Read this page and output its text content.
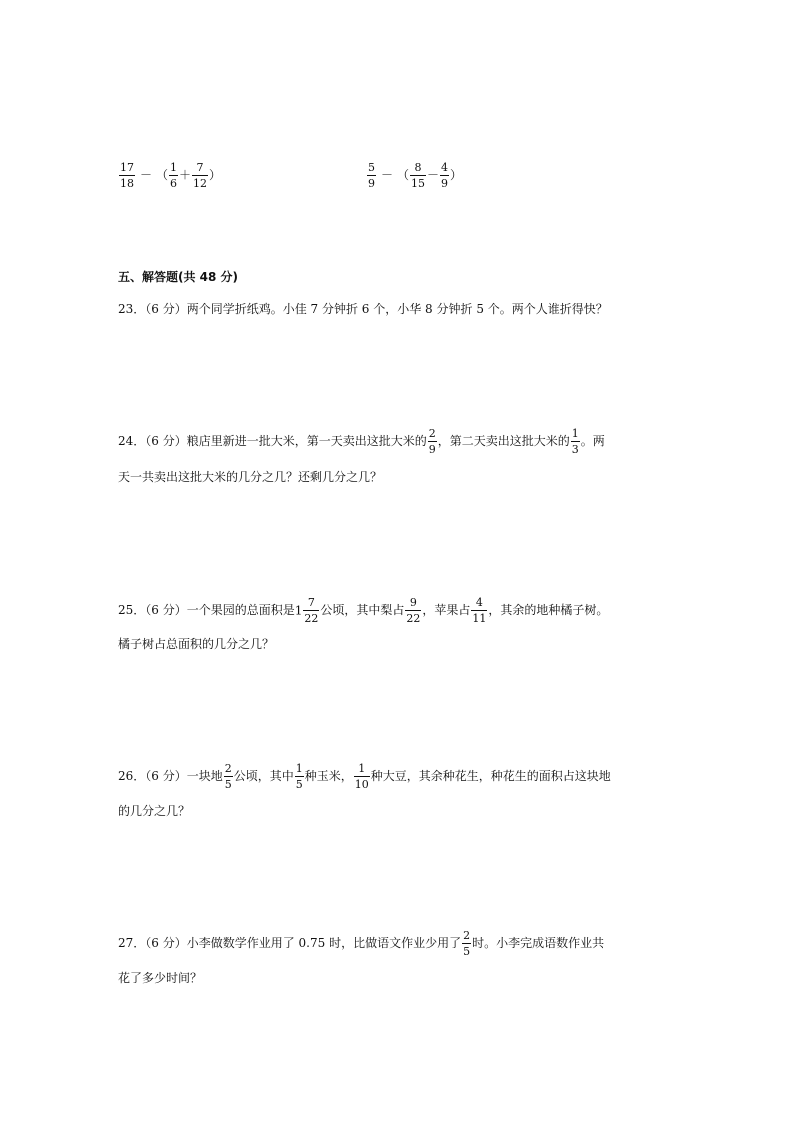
$\frac{17}{18}$ － （ $\frac{1}{6} + \frac{7}{12}$ ）	$\frac{5}{9}$ － （ $\frac{8}{15} - \frac{4}{9}$ ）
五、解答题(共 48 分)
23．（6 分）两个同学折纸鸡。小佳 7 分钟折 6 个，小华 8 分钟折 5 个。两个人谁折得快？
24．（6 分）粮店里新进一批大米，第一天卖出这批大米的 $\frac{2}{9}$ ，第二天卖出这批大米的 $\frac{1}{3}$ 。两
天一共卖出这批大米的几分之几？还剩几分之几？
25．（6 分）一个果园的总面积是$1 \frac{7}{22}$ 公顷，其中梨占 $\frac{9}{22}$ ，苹果占 $\frac{4}{11}$ ，其余的地种橘子树。
橘子树占总面积的几分之几？
26．（6 分）一块地 $\frac{2}{5}$ 公顷，其中 $\frac{1}{5}$ 种玉米， $\frac{1}{10}$ 种大豆，其余种花生，种花生的面积占这块地
的几分之几？
27．（6 分）小李做数学作业用了 0.75 时，比做语文作业少用了 $\frac{2}{5}$ 时。小李完成语数作业共
花了多少时间？
